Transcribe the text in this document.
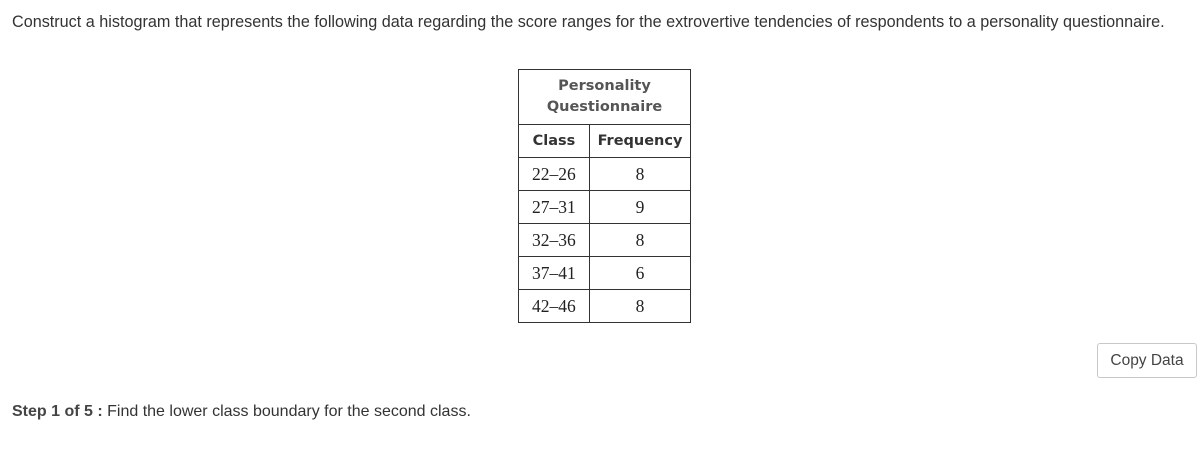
Construct a histogram that represents the following data regarding the score ranges for the extrovertive tendencies of respondents to a personality questionnaire.
Personality
Questionnaire	
Class	Frequency
22–26	8
27–31	9
32–36	8
37–41	6
42–46	8
Copy Data
Step 1 of 5 : Find the lower class boundary for the second class.
